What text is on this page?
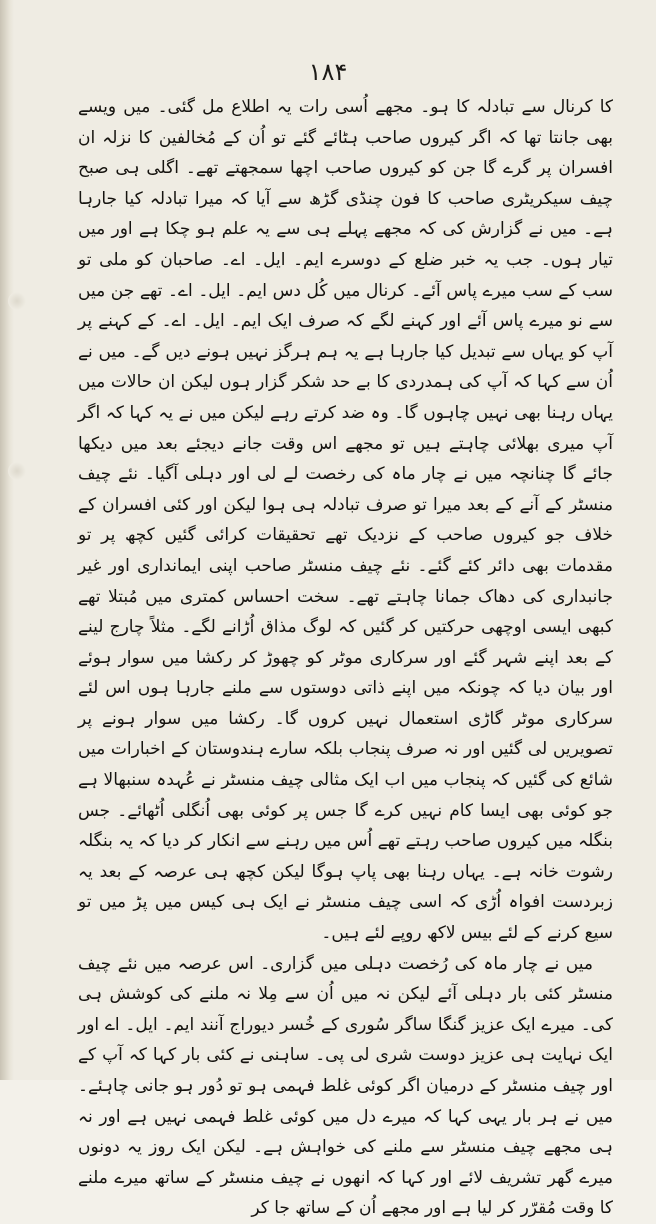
۱۸۴

کا کرنال سے تبادلہ کا ہو۔ مجھے اُسی رات یہ اطلاع مل گئی۔ میں ویسے بھی جانتا تھا کہ اگر کیروں صاحب ہٹائے گئے تو اُن کے مُخالفین کا نزلہ ان افسران پر گرے گا جن کو کیروں صاحب اچھا سمجھتے تھے۔ اگلی ہی صبح چیف سیکریٹری صاحب کا فون چنڈی گڑھ سے آیا کہ میرا تبادلہ کیا جارہا ہے۔ میں نے گزارش کی کہ مجھے پہلے ہی سے یہ علم ہو چکا ہے اور میں تیار ہوں۔ جب یہ خبر ضلع کے دوسرے ایم۔ ایل۔ اے۔ صاحبان کو ملی تو سب کے سب میرے پاس آئے۔ کرنال میں کُل دس ایم۔ ایل۔ اے۔ تھے جن میں سے نو میرے پاس آئے اور کہنے لگے کہ صرف ایک ایم۔ ایل۔ اے۔ کے کہنے پر آپ کو یہاں سے تبدیل کیا جارہا ہے یہ ہم ہرگز نہیں ہونے دیں گے۔ میں نے اُن سے کہا کہ آپ کی ہمدردی کا بے حد شکر گزار ہوں لیکن ان حالات میں یہاں رہنا بھی نہیں چاہوں گا۔ وہ ضد کرتے رہے لیکن میں نے یہ کہا کہ اگر آپ میری بھلائی چاہتے ہیں تو مجھے اس وقت جانے دیجئے بعد میں دیکھا جائے گا چنانچہ میں نے چار ماہ کی رخصت لے لی اور دہلی آگیا۔ نئے چیف منسٹر کے آنے کے بعد میرا تو صرف تبادلہ ہی ہوا لیکن اور کئی افسران کے خلاف جو کیروں صاحب کے نزدیک تھے تحقیقات کرائی گئیں کچھ پر تو مقدمات بھی دائر کئے گئے۔ نئے چیف منسٹر صاحب اپنی ایمانداری اور غیر جانبداری کی دھاک جمانا چاہتے تھے۔ سخت احساس کمتری میں مُبتلا تھے کبھی ایسی اوچھی حرکتیں کر گئیں کہ لوگ مذاق اُڑانے لگے۔ مثلاً چارج لینے کے بعد اپنے شہر گئے اور سرکاری موٹر کو چھوڑ کر رکشا میں سوار ہوئے اور بیان دیا کہ چونکہ میں اپنے ذاتی دوستوں سے ملنے جارہا ہوں اس لئے سرکاری موٹر گاڑی استعمال نہیں کروں گا۔ رکشا میں سوار ہونے پر تصویریں لی گئیں اور نہ صرف پنجاب بلکہ سارے ہندوستان کے اخبارات میں شائع کی گئیں کہ پنجاب میں اب ایک مثالی چیف منسٹر نے عُہدہ سنبھالا ہے جو کوئی بھی ایسا کام نہیں کرے گا جس پر کوئی بھی اُنگلی اُٹھائے۔ جس بنگلہ میں کیروں صاحب رہتے تھے اُس میں رہنے سے انکار کر دیا کہ یہ بنگلہ رشوت خانہ ہے۔ یہاں رہنا بھی پاپ ہوگا لیکن کچھ ہی عرصہ کے بعد یہ زبردست افواہ اُڑی کہ اسی چیف منسٹر نے ایک ہی کیس میں پڑ میں تو سیع کرنے کے لئے بیس لاکھ روپے لئے ہیں۔

میں نے چار ماہ کی رُخصت دہلی میں گزاری۔ اس عرصہ میں نئے چیف منسٹر کئی بار دہلی آئے لیکن نہ میں اُن سے مِلا نہ ملنے کی کوشش ہی کی۔ میرے ایک عزیز گنگا ساگر سُوری کے خُسر دیوراج آنند ایم۔ ایل۔ اے اور ایک نہایت ہی عزیز دوست شری لی پی۔ ساہنی نے کئی بار کہا کہ آپ کے اور چیف منسٹر کے درمیان اگر کوئی غلط فہمی ہو تو دُور ہو جانی چاہئے۔ میں نے ہر بار یہی کہا کہ میرے دل میں کوئی غلط فہمی نہیں ہے اور نہ ہی مجھے چیف منسٹر سے ملنے کی خواہش ہے۔ لیکن ایک روز یہ دونوں میرے گھر تشریف لائے اور کہا کہ انھوں نے چیف منسٹر کے ساتھ میرے ملنے کا وقت مُقرّر کر لیا ہے اور مجھے اُن کے ساتھ جا کر
